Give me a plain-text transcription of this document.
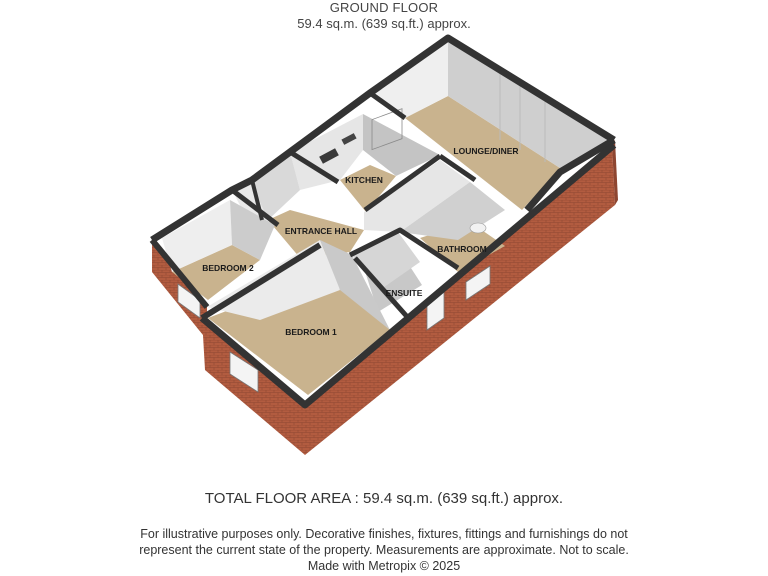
GROUND FLOOR
59.4 sq.m. (639 sq.ft.) approx.
LOUNGE/DINER
KITCHEN
ENTRANCE HALL
BEDROOM 2
BATHROOM
ENSUITE
BEDROOM 1
TOTAL FLOOR AREA : 59.4 sq.m. (639 sq.ft.) approx.
For illustrative purposes only. Decorative finishes, fixtures, fittings and furnishings do not
represent the current state of the property. Measurements are approximate. Not to scale.
Made with Metropix © 2025
